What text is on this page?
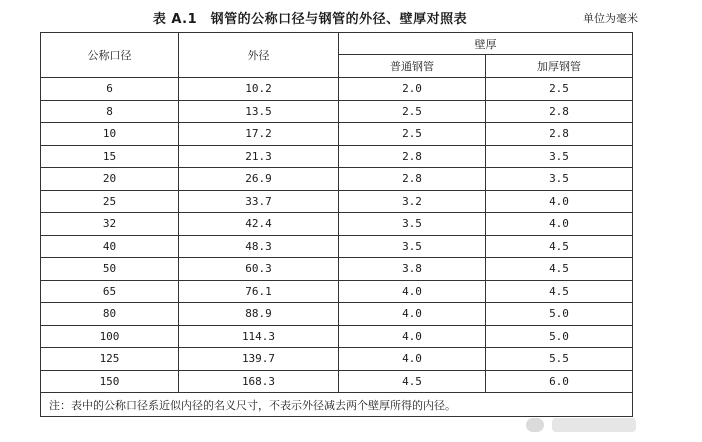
表 A.1　钢管的公称口径与钢管的外径、壁厚对照表	单位为毫米
公称口径	外径	壁厚	
		普通钢管	加厚钢管
6	10.2	2.0	2.5
8	13.5	2.5	2.8
10	17.2	2.5	2.8
15	21.3	2.8	3.5
20	26.9	2.8	3.5
25	33.7	3.2	4.0
32	42.4	3.5	4.0
40	48.3	3.5	4.5
50	60.3	3.8	4.5
65	76.1	4.0	4.5
80	88.9	4.0	5.0
100	114.3	4.0	5.0
125	139.7	4.0	5.5
150	168.3	4.5	6.0
注：表中的公称口径系近似内径的名义尺寸，不表示外径减去两个壁厚所得的内径。			
